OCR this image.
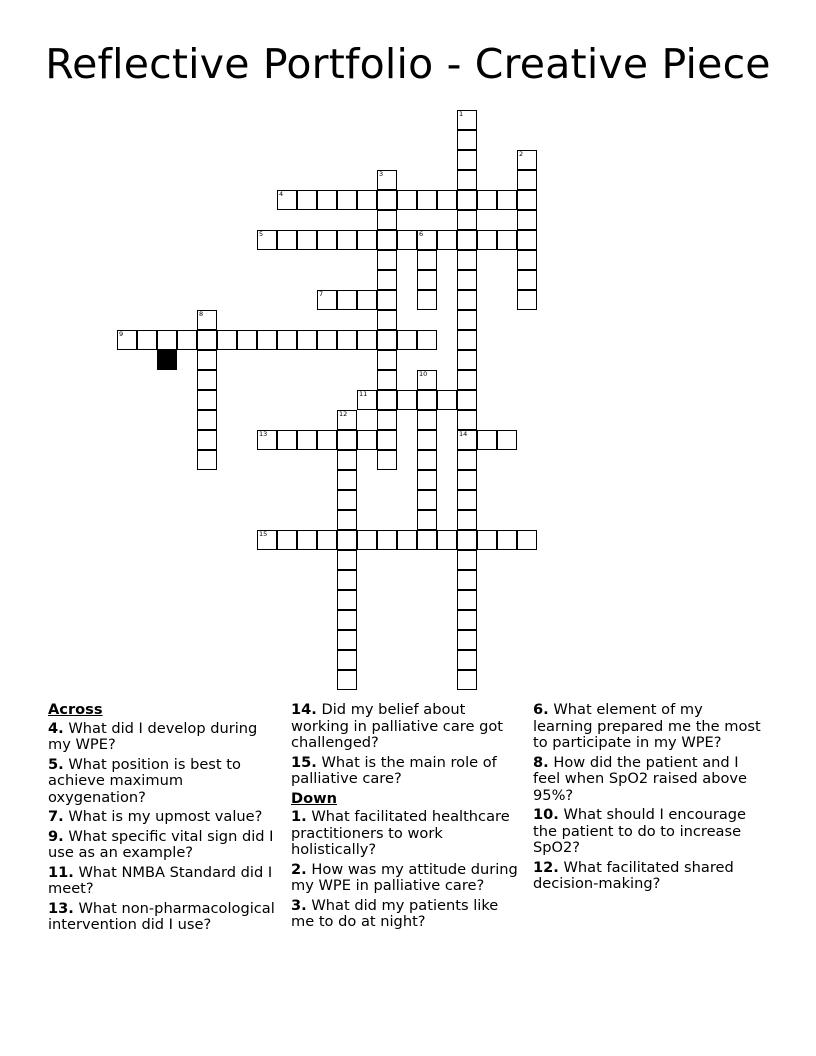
Reflective Portfolio - Creative Piece
1
14
2
3
4
5	6
7
8
9
10
11
12
13
15
Across
4. What did I develop during my WPE?
5. What position is best to achieve maximum oxygenation?
7. What is my upmost value?
9. What specific vital sign did I use as an example?
11. What NMBA Standard did I meet?
13. What non-pharmacological intervention did I use?
14. Did my belief about working in palliative care got challenged?
15. What is the main role of palliative care?
Down
1. What facilitated healthcare practitioners to work holistically?
2. How was my attitude during my WPE in palliative care?
3. What did my patients like me to do at night?
6. What element of my learning prepared me the most to participate in my WPE?
8. How did the patient and I feel when SpO2 raised above 95%?
10. What should I encourage the patient to do to increase SpO2?
12. What facilitated shared decision-making?
